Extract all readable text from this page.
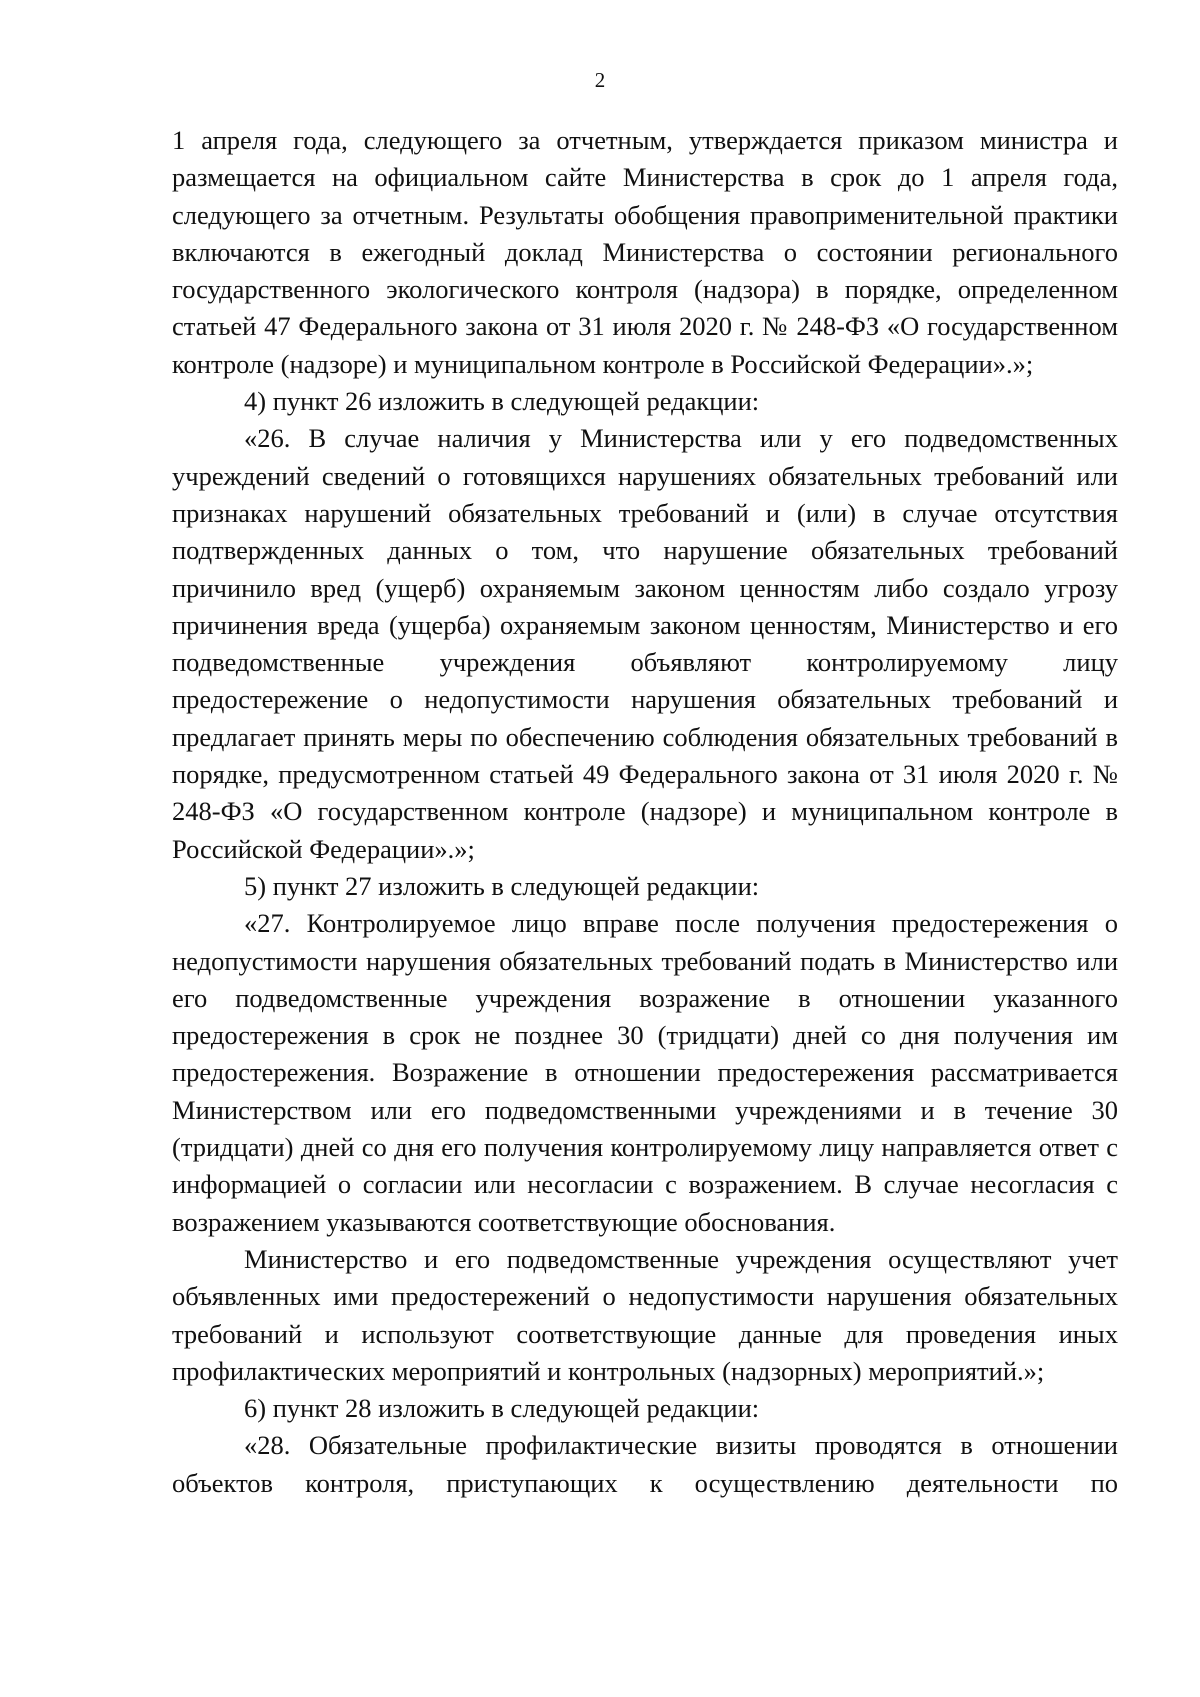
2

1 апреля года, следующего за отчетным, утверждается приказом министра и размещается на официальном сайте Министерства в срок до 1 апреля года, следующего за отчетным. Результаты обобщения правоприменительной практики включаются в ежегодный доклад Министерства о состоянии регионального государственного экологического контроля (надзора) в порядке, определенном статьей 47 Федерального закона от 31 июля 2020 г. № 248-ФЗ «О государственном контроле (надзоре) и муниципальном контроле в Российской Федерации».»;

4) пункт 26 изложить в следующей редакции:

«26. В случае наличия у Министерства или у его подведомственных учреждений сведений о готовящихся нарушениях обязательных требований или признаках нарушений обязательных требований и (или) в случае отсутствия подтвержденных данных о том, что нарушение обязательных требований причинило вред (ущерб) охраняемым законом ценностям либо создало угрозу причинения вреда (ущерба) охраняемым законом ценностям, Министерство и его подведомственные учреждения объявляют контролируемому лицу предостережение о недопустимости нарушения обязательных требований и предлагает принять меры по обеспечению соблюдения обязательных требований в порядке, предусмотренном статьей 49 Федерального закона от 31 июля 2020 г. № 248-ФЗ «О государственном контроле (надзоре) и муниципальном контроле в Российской Федерации».»;

5) пункт 27 изложить в следующей редакции:

«27. Контролируемое лицо вправе после получения предостережения о недопустимости нарушения обязательных требований подать в Министерство или его подведомственные учреждения возражение в отношении указанного предостережения в срок не позднее 30 (тридцати) дней со дня получения им предостережения. Возражение в отношении предостережения рассматривается Министерством или его подведомственными учреждениями и в течение 30 (тридцати) дней со дня его получения контролируемому лицу направляется ответ с информацией о согласии или несогласии с возражением. В случае несогласия с возражением указываются соответствующие обоснования.

Министерство и его подведомственные учреждения осуществляют учет объявленных ими предостережений о недопустимости нарушения обязательных требований и используют соответствующие данные для проведения иных профилактических мероприятий и контрольных (надзорных) мероприятий.»;

6) пункт 28 изложить в следующей редакции:

«28. Обязательные профилактические визиты проводятся в отношении объектов контроля, приступающих к осуществлению деятельности по
